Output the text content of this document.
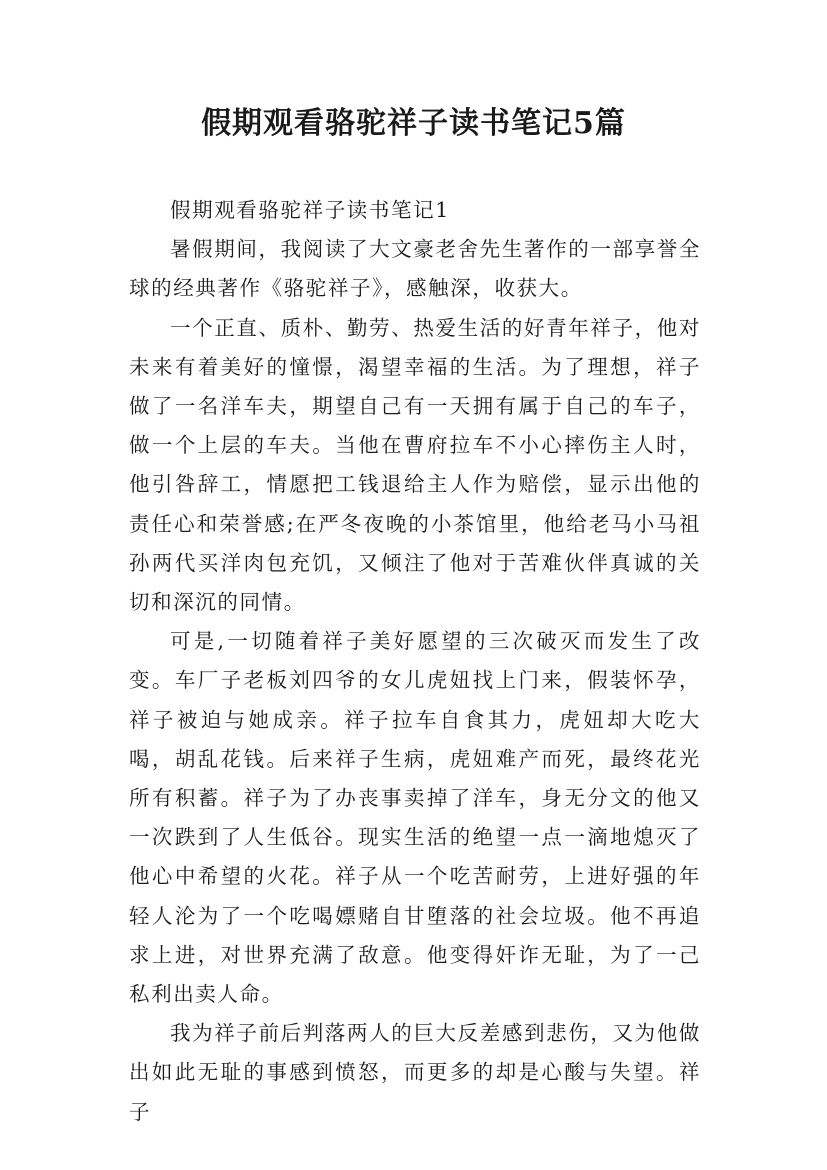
假期观看骆驼祥子读书笔记5篇

假期观看骆驼祥子读书笔记1

暑假期间，我阅读了大文豪老舍先生著作的一部享誉全球的经典著作《骆驼祥子》，感触深，收获大。

一个正直、质朴、勤劳、热爱生活的好青年祥子，他对未来有着美好的憧憬，渴望幸福的生活。为了理想，祥子做了一名洋车夫，期望自己有一天拥有属于自己的车子，做一个上层的车夫。当他在曹府拉车不小心摔伤主人时，他引咎辞工，情愿把工钱退给主人作为赔偿，显示出他的责任心和荣誉感;在严冬夜晚的小茶馆里，他给老马小马祖孙两代买洋肉包充饥，又倾注了他对于苦难伙伴真诚的关切和深沉的同情。

可是,一切随着祥子美好愿望的三次破灭而发生了改变。车厂子老板刘四爷的女儿虎妞找上门来，假装怀孕，祥子被迫与她成亲。祥子拉车自食其力，虎妞却大吃大喝，胡乱花钱。后来祥子生病，虎妞难产而死，最终花光所有积蓄。祥子为了办丧事卖掉了洋车，身无分文的他又一次跌到了人生低谷。现实生活的绝望一点一滴地熄灭了他心中希望的火花。祥子从一个吃苦耐劳，上进好强的年轻人沦为了一个吃喝嫖赌自甘堕落的社会垃圾。他不再追求上进，对世界充满了敌意。他变得奸诈无耻，为了一己私利出卖人命。

我为祥子前后判落两人的巨大反差感到悲伤，又为他做出如此无耻的事感到愤怒，而更多的却是心酸与失望。祥子
